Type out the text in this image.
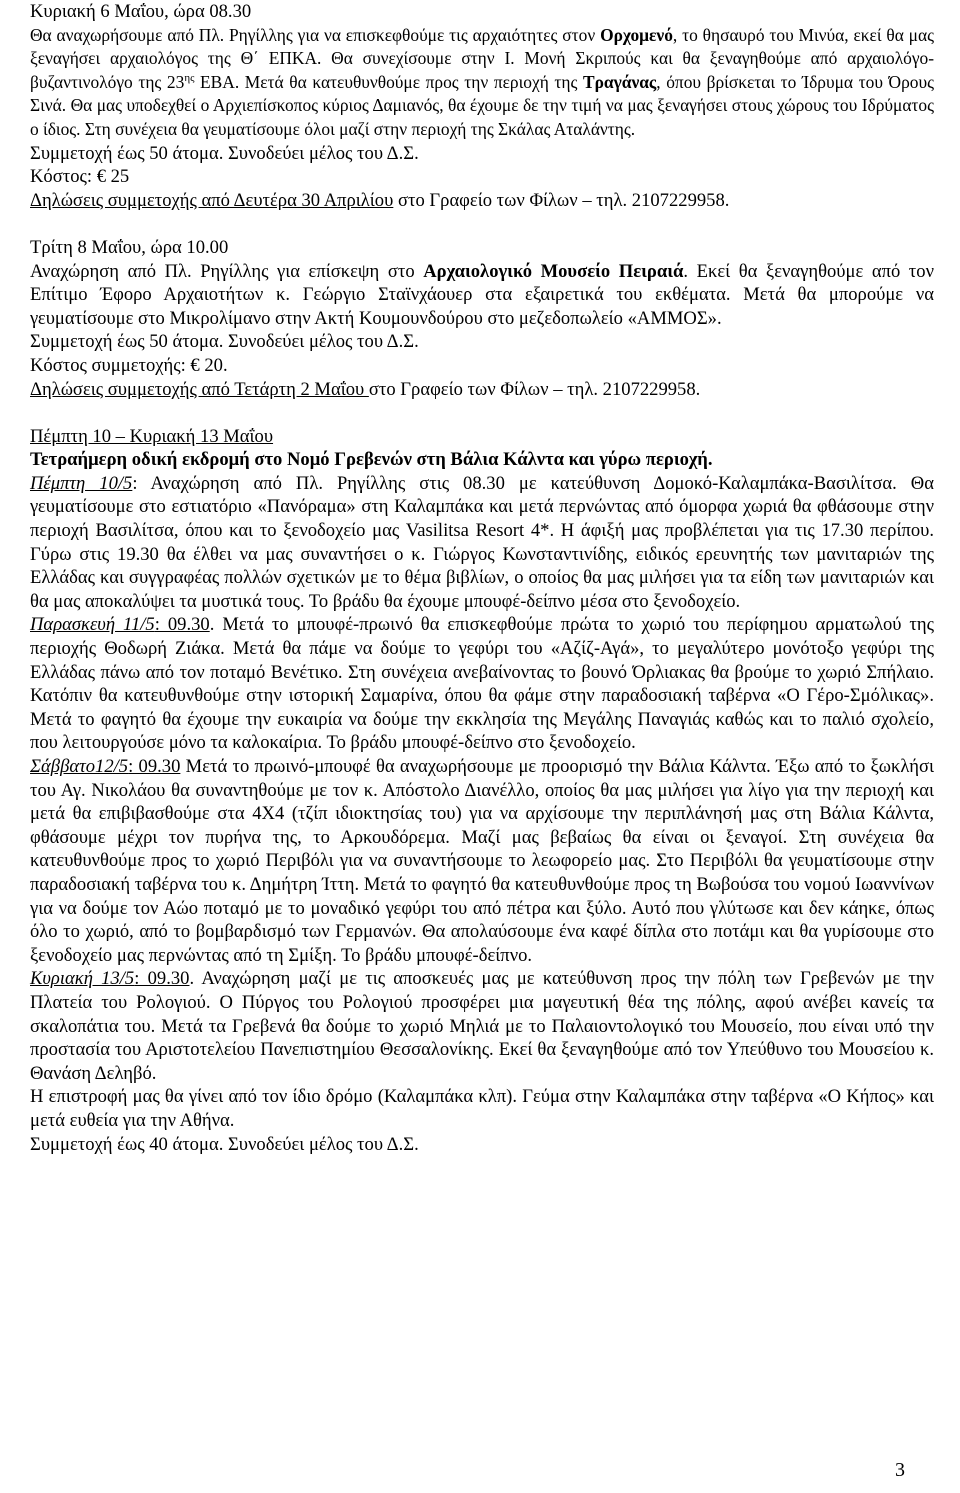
Κυριακή 6 Μαΐου, ώρα 08.30

Θα αναχωρήσουμε από Πλ. Ρηγίλλης για να επισκεφθούμε τις αρχαιότητες στον Ορχομενό, το θησαυρό του Μινύα, εκεί θα μας ξεναγήσει αρχαιολόγος της Θ΄ ΕΠΚΑ. Θα συνεχίσουμε στην Ι. Μονή Σκριπούς και θα ξεναγηθούμε από αρχαιολόγο-βυζαντινολόγο της $23^{\eta\varsigma}$ ΕΒΑ. Μετά θα κατευθυνθούμε προς την περιοχή της Τραγάνας, όπου βρίσκεται το Ίδρυμα του Όρους Σινά. Θα μας υποδεχθεί ο Αρχιεπίσκοπος κύριος Δαμιανός, θα έχουμε δε την τιμή να μας ξεναγήσει στους χώρους του Ιδρύματος ο ίδιος. Στη συνέχεια θα γευματίσουμε όλοι μαζί στην περιοχή της Σκάλας Αταλάντης.

Συμμετοχή έως 50 άτομα. Συνοδεύει μέλος του Δ.Σ.

Κόστος: € 25

Δηλώσεις συμμετοχής από Δευτέρα 30 Απριλίου στο Γραφείο των Φίλων – τηλ. 2107229958.

Τρίτη 8 Μαΐου, ώρα 10.00

Αναχώρηση από Πλ. Ρηγίλλης για επίσκεψη στο Αρχαιολογικό Μουσείο Πειραιά. Εκεί θα ξεναγηθούμε από τον Επίτιμο Έφορο Αρχαιοτήτων κ. Γεώργιο Σταϊνχάουερ στα εξαιρετικά του εκθέματα. Μετά θα μπορούμε να γευματίσουμε στο Μικρολίμανο στην Ακτή Κουμουνδούρου στο μεζεδοπωλείο «ΑΜΜΟΣ».

Συμμετοχή έως 50 άτομα. Συνοδεύει μέλος του Δ.Σ.

Κόστος συμμετοχής: € 20.

Δηλώσεις συμμετοχής από Τετάρτη 2 Μαΐου στο Γραφείο των Φίλων – τηλ. 2107229958.

Πέμπτη 10 – Κυριακή 13 Μαΐου

Τετραήμερη οδική εκδρομή στο Νομό Γρεβενών στη Βάλια Κάλντα και γύρω περιοχή.

Πέμπτη 10/5: Αναχώρηση από Πλ. Ρηγίλλης στις 08.30 με κατεύθυνση Δομοκό-Καλαμπάκα-Βασιλίτσα. Θα γευματίσουμε στο εστιατόριο «Πανόραμα» στη Καλαμπάκα και μετά περνώντας από όμορφα χωριά θα φθάσουμε στην περιοχή Βασιλίτσα, όπου και το ξενοδοχείο μας Vasilitsa Resort 4*. Η άφιξή μας προβλέπεται για τις 17.30 περίπου. Γύρω στις 19.30 θα έλθει να μας συναντήσει ο κ. Γιώργος Κωνσταντινίδης, ειδικός ερευνητής των μανιταριών της Ελλάδας και συγγραφέας πολλών σχετικών με το θέμα βιβλίων, ο οποίος θα μας μιλήσει για τα είδη των μανιταριών και θα μας αποκαλύψει τα μυστικά τους. Το βράδυ θα έχουμε μπουφέ-δείπνο μέσα στο ξενοδοχείο.

Παρασκευή 11/5: 09.30. Μετά το μπουφέ-πρωινό θα επισκεφθούμε πρώτα το χωριό του περίφημου αρματωλού της περιοχής Θοδωρή Ζιάκα. Μετά θα πάμε να δούμε το γεφύρι του «Αζίζ-Αγά», το μεγαλύτερο μονότοξο γεφύρι της Ελλάδας πάνω από τον ποταμό Βενέτικο. Στη συνέχεια ανεβαίνοντας το βουνό Όρλιακας θα βρούμε το χωριό Σπήλαιο. Κατόπιν θα κατευθυνθούμε στην ιστορική Σαμαρίνα, όπου θα φάμε στην παραδοσιακή ταβέρνα «Ο Γέρο-Σμόλικας». Μετά το φαγητό θα έχουμε την ευκαιρία να δούμε την εκκλησία της Μεγάλης Παναγιάς καθώς και το παλιό σχολείο, που λειτουργούσε μόνο τα καλοκαίρια. Το βράδυ μπουφέ-δείπνο στο ξενοδοχείο.

Σάββατο12/5: 09.30 Μετά το πρωινό-μπουφέ θα αναχωρήσουμε με προορισμό την Βάλια Κάλντα. Έξω από το ξωκλήσι του Αγ. Νικολάου θα συναντηθούμε με τον κ. Απόστολο Διανέλλο, οποίος θα μας μιλήσει για λίγο για την περιοχή και μετά θα επιβιβασθούμε στα 4Χ4 (τζίπ ιδιοκτησίας του) για να αρχίσουμε την περιπλάνησή μας στη Βάλια Κάλντα, φθάσουμε μέχρι τον πυρήνα της, το Αρκουδόρεμα. Μαζί μας βεβαίως θα είναι οι ξεναγοί. Στη συνέχεια θα κατευθυνθούμε προς το χωριό Περιβόλι για να συναντήσουμε το λεωφορείο μας. Στο Περιβόλι θα γευματίσουμε στην παραδοσιακή ταβέρνα του κ. Δημήτρη Ίττη. Μετά το φαγητό θα κατευθυνθούμε προς τη Βωβούσα του νομού Ιωαννίνων για να δούμε τον Αώο ποταμό με το μοναδικό γεφύρι του από πέτρα και ξύλο. Αυτό που γλύτωσε και δεν κάηκε, όπως όλο το χωριό, από το βομβαρδισμό των Γερμανών. Θα απολαύσουμε ένα καφέ δίπλα στο ποτάμι και θα γυρίσουμε στο ξενοδοχείο μας περνώντας από τη Σμίξη. Το βράδυ μπουφέ-δείπνο.

Κυριακή 13/5: 09.30. Αναχώρηση μαζί με τις αποσκευές μας με κατεύθυνση προς την πόλη των Γρεβενών με την Πλατεία του Ρολογιού. Ο Πύργος του Ρολογιού προσφέρει μια μαγευτική θέα της πόλης, αφού ανέβει κανείς τα σκαλοπάτια του. Μετά τα Γρεβενά θα δούμε το χωριό Μηλιά με το Παλαιοντολογικό του Μουσείο, που είναι υπό την προστασία του Αριστοτελείου Πανεπιστημίου Θεσσαλονίκης. Εκεί θα ξεναγηθούμε από τον Υπεύθυνο του Μουσείου κ. Θανάση Δεληβό.

Η επιστροφή μας θα γίνει από τον ίδιο δρόμο (Καλαμπάκα κλπ). Γεύμα στην Καλαμπάκα στην ταβέρνα «Ο Κήπος» και μετά ευθεία για την Αθήνα.

Συμμετοχή έως 40 άτομα. Συνοδεύει μέλος του Δ.Σ.

3
